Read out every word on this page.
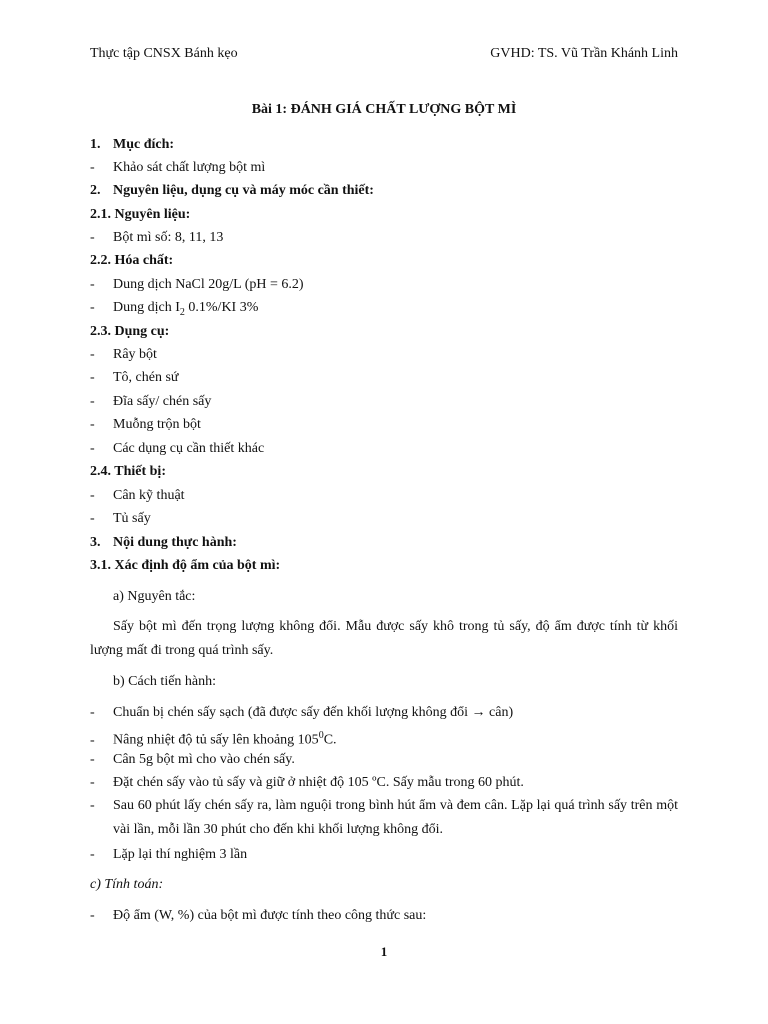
Thực tập CNSX Bánh kẹo	GVHD: TS. Vũ Trần Khánh Linh
Bài 1: ĐÁNH GIÁ CHẤT LƯỢNG BỘT MÌ
1. Mục đích:
- Khảo sát chất lượng bột mì
2. Nguyên liệu, dụng cụ và máy móc cần thiết:
2.1. Nguyên liệu:
- Bột mì số: 8, 11, 13
2.2. Hóa chất:
- Dung dịch NaCl 20g/L (pH = 6.2)
- Dung dịch $I_2$ 0.1%/KI 3%
2.3. Dụng cụ:
- Rây bột
- Tô, chén sứ
- Đĩa sấy/ chén sấy
- Muỗng trộn bột
- Các dụng cụ cần thiết khác
2.4. Thiết bị:
- Cân kỹ thuật
- Tủ sấy
3. Nội dung thực hành:
3.1. Xác định độ ẩm của bột mì:
a) Nguyên tắc:
Sấy bột mì đến trọng lượng không đổi. Mẫu được sấy khô trong tủ sấy, độ ẩm được tính từ khối lượng mất đi trong quá trình sấy.
b) Cách tiến hành:
- Chuẩn bị chén sấy sạch (đã được sấy đến khối lượng không đổi → cân)
- Nâng nhiệt độ tủ sấy lên khoảng $105^0C$.
- Cân 5g bột mì cho vào chén sấy.
- Đặt chén sấy vào tủ sấy và giữ ở nhiệt độ 105 ºC. Sấy mẫu trong 60 phút.
- Sau 60 phút lấy chén sấy ra, làm nguội trong bình hút ẩm và đem cân. Lặp lại quá trình sấy trên một vài lần, mỗi lần 30 phút cho đến khi khối lượng không đổi.
- Lặp lại thí nghiệm 3 lần
c) Tính toán:
- Độ ẩm (W, %) của bột mì được tính theo công thức sau:
1
